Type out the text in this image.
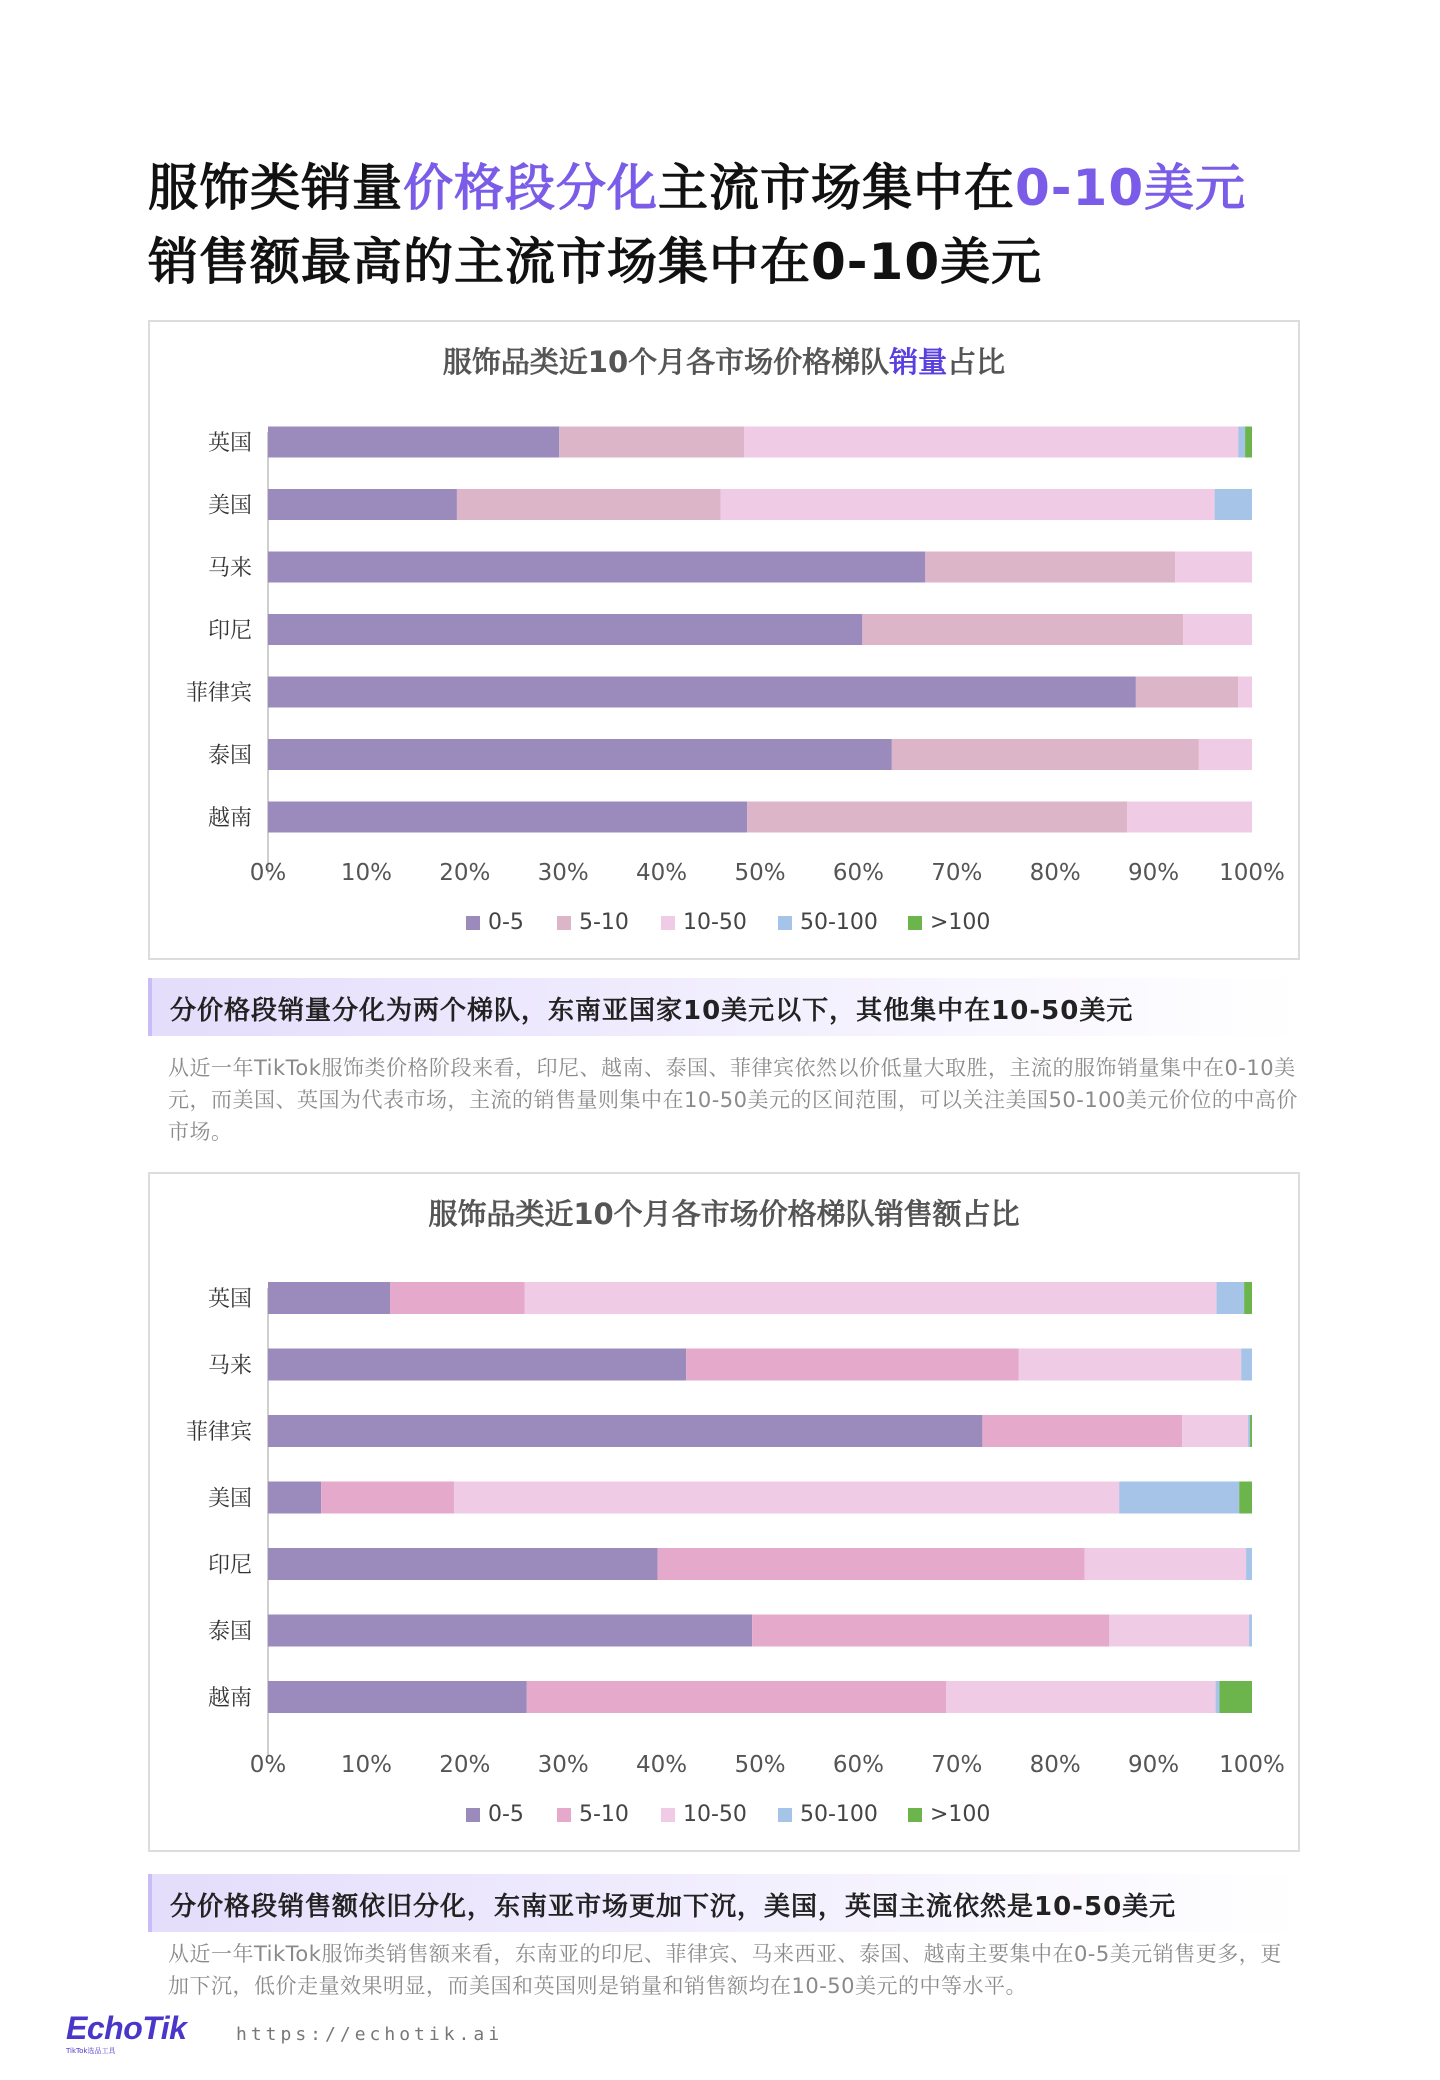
服饰类销量价格段分化主流市场集中在0-10美元
销售额最高的主流市场集中在0-10美元
服饰品类近10个月各市场价格梯队销量占比
英国
美国
马来
印尼
菲律宾
泰国
越南
0% 10% 20% 30% 40% 50% 60% 70% 80% 90% 100%
0-5	5-10 10-50 50-100 >100
分价格段销量分化为两个梯队，东南亚国家10美元以下，其他集中在10-50美元
从近一年TikTok服饰类价格阶段来看，印尼、越南、泰国、菲律宾依然以价低量大取胜，主流的服饰销量集中在0-10美元，而美国、英国为代表市场，主流的销售量则集中在10-50美元的区间范围，可以关注美国50-100美元价位的中高价市场。
服饰品类近10个月各市场价格梯队销售额占比
英国
马来
菲律宾
美国
印尼
泰国
越南
0% 10% 20% 30% 40% 50% 60% 70% 80% 90% 100%
0-5	5-10 10-50 50-100 >100
分价格段销售额依旧分化，东南亚市场更加下沉，美国，英国主流依然是10-50美元
从近一年TikTok服饰类销售额来看，东南亚的印尼、菲律宾、马来西亚、泰国、越南主要集中在0-5美元销售更多，更加下沉，低价走量效果明显，而美国和英国则是销量和销售额均在10-50美元的中等水平。
EchoTik
TikTok选品工具
https://echotik.ai
